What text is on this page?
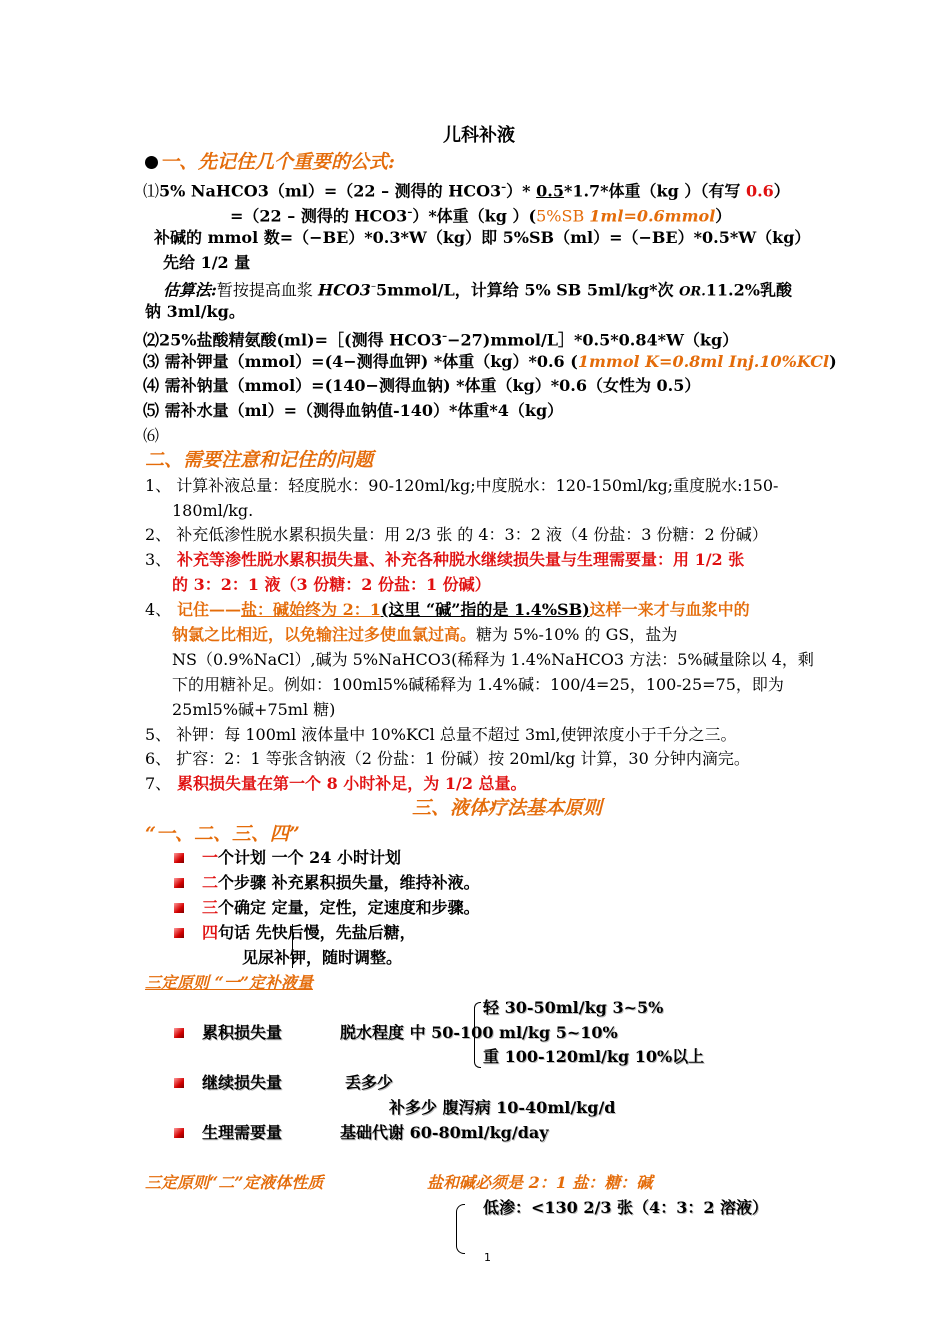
儿科补液
一、先记住几个重要的公式:
⑴5% NaHCO3（ml）=（22 – 测得的 HCO3–）* 0.5*1.7*体重（kg ）（有写 0.6）
=（22 – 测得的 HCO3–）*体重（kg ）(5%SB 1ml=0.6mmol）
补碱的 mmol 数=（−BE）*0.3*W（kg）即 5%SB（ml）=（−BE）*0.5*W（kg）
先给 1/2 量
估算法:暂按提高血浆 HCO3–5mmol/L，计算给 5% SB 5ml/kg*次 OR.11.2%乳酸
钠 3ml/kg。
⑵25%盐酸精氨酸(ml)=［(测得 HCO3–−27)mmol/L］*0.5*0.84*W（kg）
⑶ 需补钾量（mmol）=(4−测得血钾) *体重（kg）*0.6 (1mmol K=0.8ml Inj.10%KCl)
⑷ 需补钠量（mmol）=(140−测得血钠) *体重（kg）*0.6（女性为 0.5）
⑸ 需补水量（ml）=（测得血钠值-140）*体重*4（kg）
⑹
二、需要注意和记住的问题
1、 计算补液总量：轻度脱水：90-120ml/kg;中度脱水：120-150ml/kg;重度脱水:150-
180ml/kg.
2、 补充低渗性脱水累积损失量：用 2/3 张 的 4：3：2 液（4 份盐：3 份糖：2 份碱）
3、 补充等渗性脱水累积损失量、补充各种脱水继续损失量与生理需要量：用 1/2 张
的 3：2：1 液（3 份糖：2 份盐：1 份碱）
4、 记住——盐：碱始终为 2：1(这里 “碱”指的是 1.4%SB)这样一来才与血浆中的
钠氯之比相近，以免输注过多使血氯过高。糖为 5%-10% 的 GS，盐为
NS（0.9%NaCl）,碱为 5%NaHCO3(稀释为 1.4%NaHCO3 方法：5%碱量除以 4，剩
下的用糖补足。例如：100ml5%碱稀释为 1.4%碱：100/4=25，100-25=75，即为
25ml5%碱+75ml 糖)
5、 补钾：每 100ml 液体量中 10%KCl 总量不超过 3ml,使钾浓度小于千分之三。
6、 扩容：2：1 等张含钠液（2 份盐：1 份碱）按 20ml/kg 计算，30 分钟内滴完。
7、 累积损失量在第一个 8 小时补足，为 1/2 总量。
三、液体疗法基本原则
“一、二、三、四”
一个计划 一个 24 小时计划
二个步骤 补充累积损失量，维持补液。
三个确定 定量，定性，定速度和步骤。
四句话 先快后慢，先盐后糖，
见尿补钾，随时调整。
三定原则 “一”定补液量
轻 30-50ml/kg 3~5%
累积损失量	脱水程度 中 50-100 ml/kg 5~10%
重 100-120ml/kg 10%以上
继续损失量	丢多少
补多少 腹泻病 10-40ml/kg/d
生理需要量	基础代谢 60-80ml/kg/day
三定原则“二”定液体性质	盐和碱必须是 2：1 盐：糖：碱
低渗：<130 2/3 张（4：3：2 溶液）
1
